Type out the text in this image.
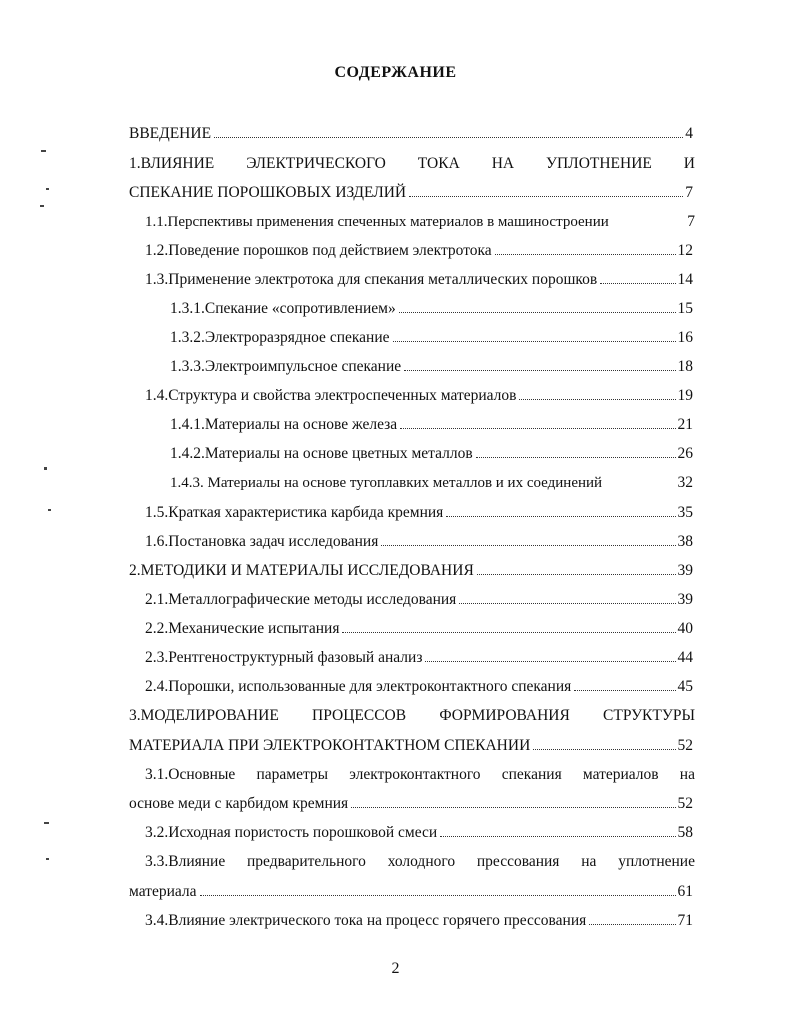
СОДЕРЖАНИЕ
ВВЕДЕНИЕ	4
1.ВЛИЯНИЕ ЭЛЕКТРИЧЕСКОГО ТОКА НА УПЛОТНЕНИЕ И
СПЕКАНИЕ ПОРОШКОВЫХ ИЗДЕЛИЙ	7
1.1.Перспективы применения спеченных материалов в машиностроении	7
1.2.Поведение порошков под действием электротока	12
1.3.Применение электротока для спекания металлических порошков	14
1.3.1.Спекание «сопротивлением»	15
1.3.2.Электроразрядное спекание	16
1.3.3.Электроимпульсное спекание	18
1.4.Структура и свойства электроспеченных материалов	19
1.4.1.Материалы на основе железа	21
1.4.2.Материалы на основе цветных металлов	26
1.4.3. Материалы на основе тугоплавких металлов и их соединений	32
1.5.Краткая характеристика карбида кремния	35
1.6.Постановка задач исследования	38
2.МЕТОДИКИ И МАТЕРИАЛЫ ИССЛЕДОВАНИЯ	39
2.1.Металлографические методы исследования	39
2.2.Механические испытания	40
2.3.Рентгеноструктурный фазовый анализ	44
2.4.Порошки, использованные для электроконтактного спекания	45
3.МОДЕЛИРОВАНИЕ ПРОЦЕССОВ ФОРМИРОВАНИЯ СТРУКТУРЫ
МАТЕРИАЛА ПРИ ЭЛЕКТРОКОНТАКТНОМ СПЕКАНИИ	52
3.1.Основные параметры электроконтактного спекания материалов на
основе меди с карбидом кремния	52
3.2.Исходная пористость порошковой смеси	58
3.3.Влияние предварительного холодного прессования на уплотнение
материала	61
3.4.Влияние электрического тока на процесс горячего прессования	71
2
